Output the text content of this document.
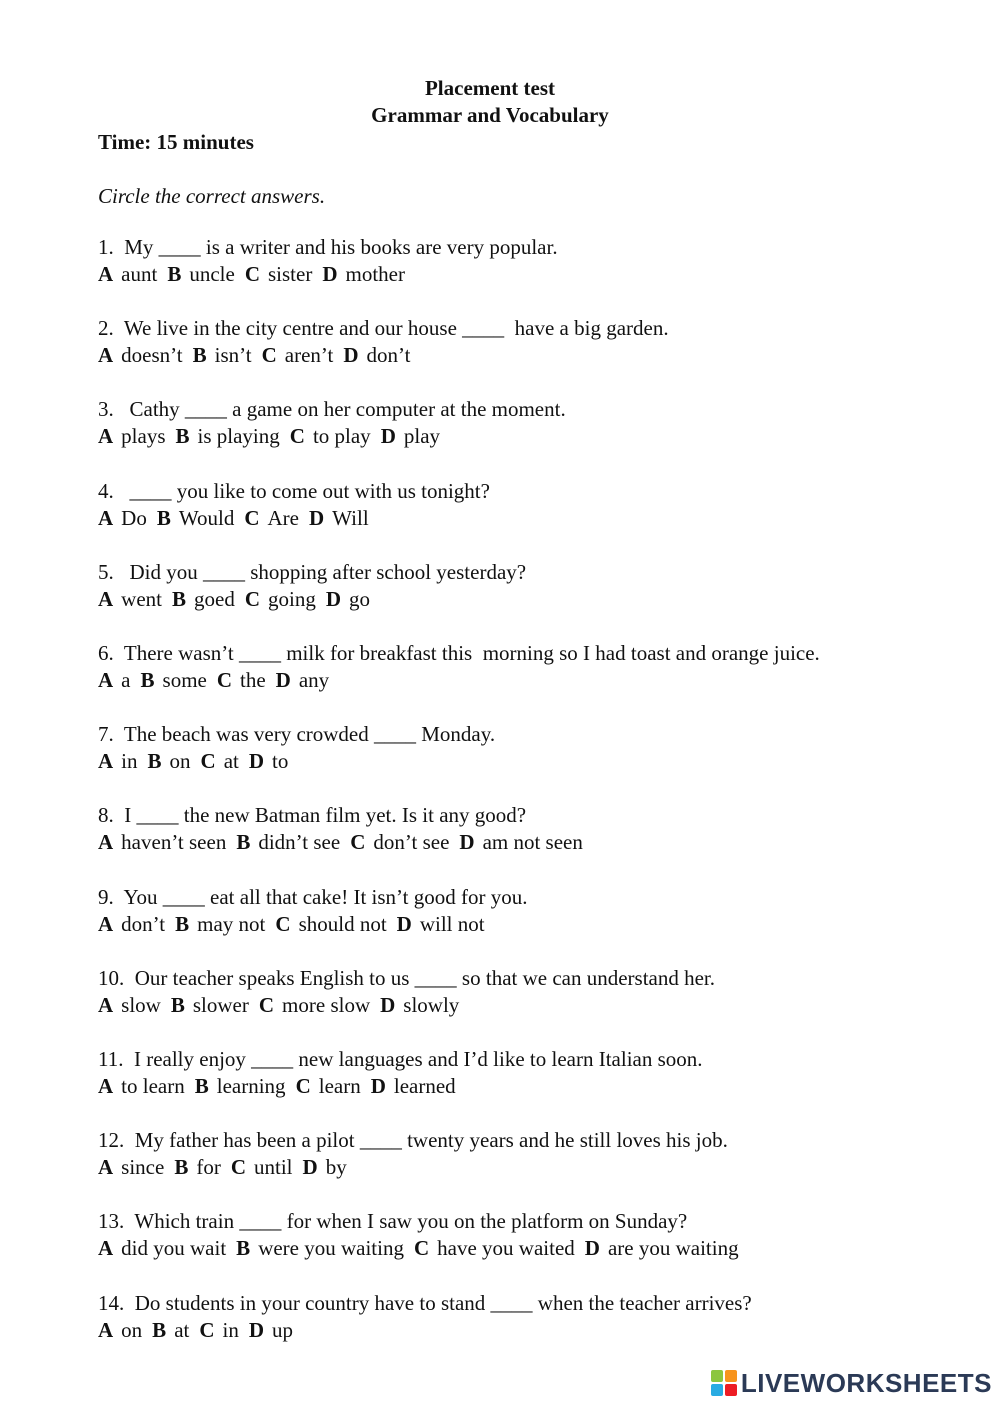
Placement test
Grammar and Vocabulary
Time: 15 minutes
Circle the correct answers.
1.  My ____ is a writer and his books are very popular.
A aunt B uncle C sister D mother
2.  We live in the city centre and our house ____  have a big garden.
A doesn’t B isn’t C aren’t D don’t
3.   Cathy ____ a game on her computer at the moment.
A plays B is playing C to play D play
4.   ____ you like to come out with us tonight?
A Do B Would C Are D Will
5.   Did you ____ shopping after school yesterday?
A went B goed C going D go
6.  There wasn’t ____ milk for breakfast this  morning so I had toast and orange juice.
A a B some C the D any
7.  The beach was very crowded ____ Monday.
A in B on C at D to
8.  I ____ the new Batman film yet. Is it any good?
A haven’t seen B didn’t see C don’t see D am not seen
9.  You ____ eat all that cake! It isn’t good for you.
A don’t B may not C should not D will not
10.  Our teacher speaks English to us ____ so that we can understand her.
A slow B slower C more slow D slowly
11.  I really enjoy ____ new languages and I’d like to learn Italian soon.
A to learn B learning C learn D learned
12.  My father has been a pilot ____ twenty years and he still loves his job.
A since B for C until D by
13.  Which train ____ for when I saw you on the platform on Sunday?
A did you wait B were you waiting C have you waited D are you waiting
14.  Do students in your country have to stand ____ when the teacher arrives?
A on B at C in D up
LIVEWORKSHEETS
